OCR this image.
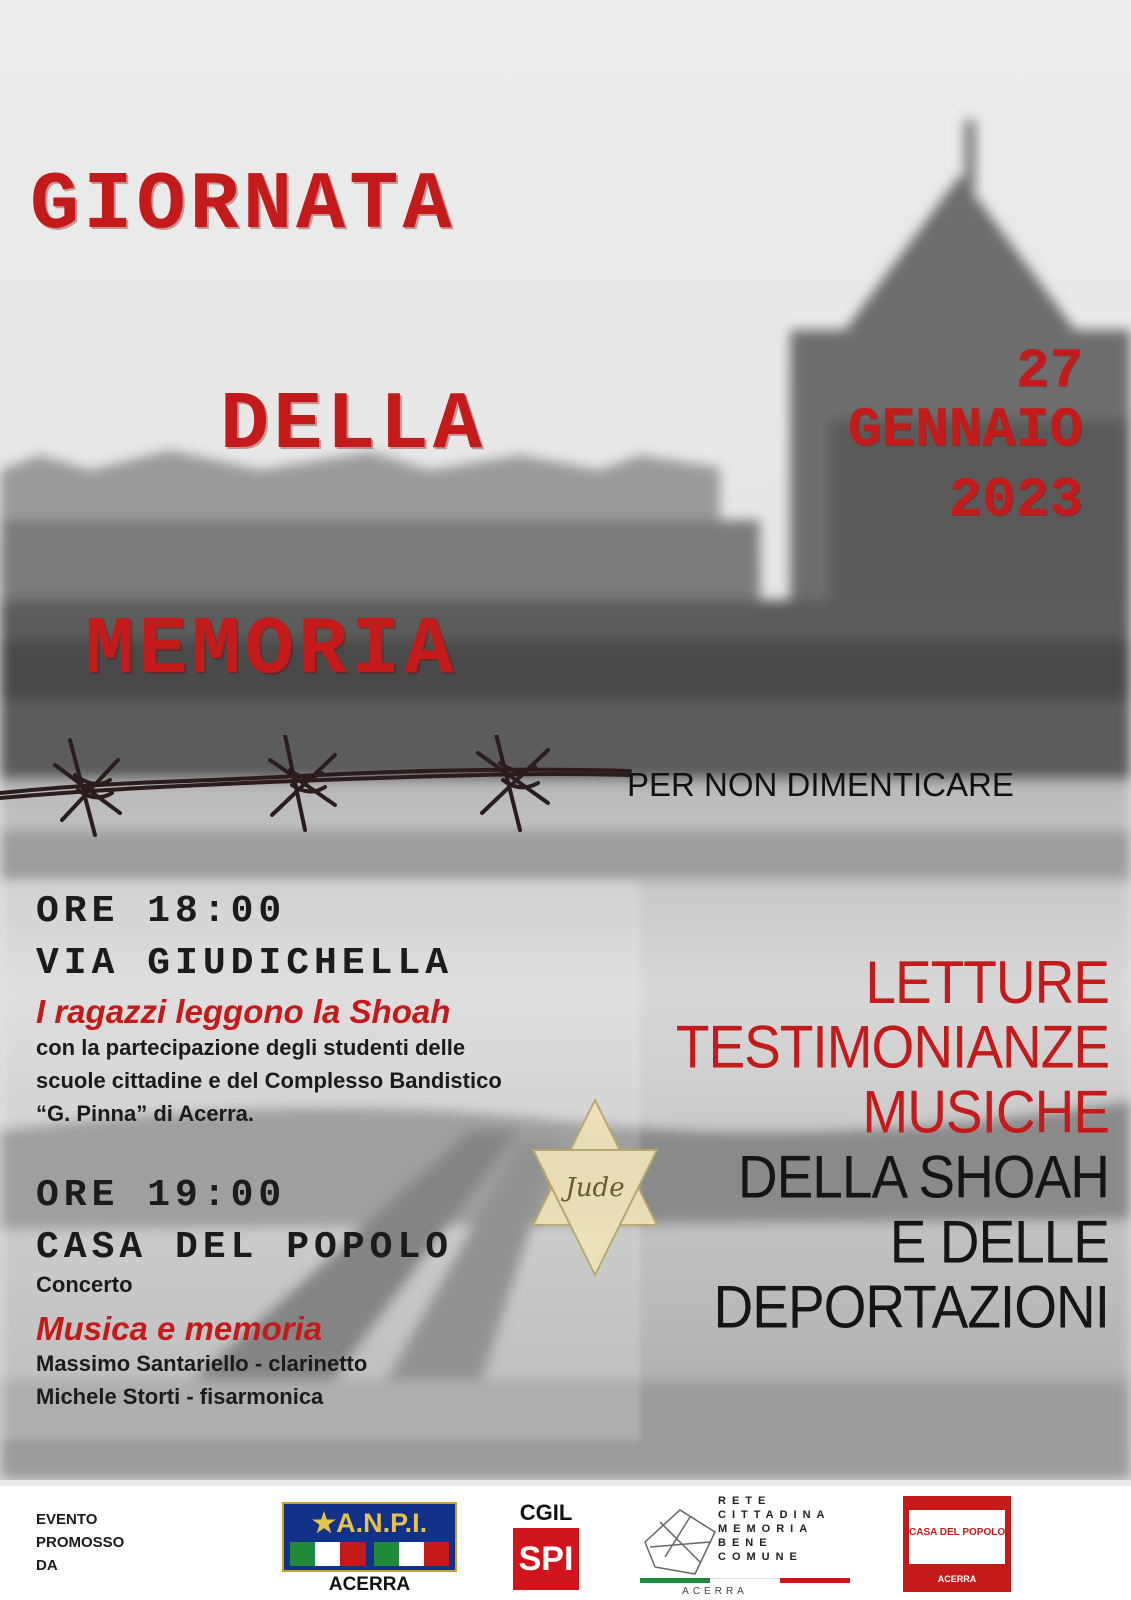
GIORNATA
DELLA
MEMORIA
27
GENNAIO
2023
PER NON DIMENTICARE
ORE 18:00
VIA GIUDICHELLA
I ragazzi leggono la Shoah
con la partecipazione degli studenti delle
scuole cittadine e del Complesso Bandistico
“G. Pinna” di Acerra.
ORE 19:00
CASA DEL POPOLO
Concerto
Musica e memoria
Massimo Santariello - clarinetto
Michele Storti - fisarmonica
Jude
LETTURE
TESTIMONIANZE
MUSICHE
DELLA SHOAH
E DELLE
DEPORTAZIONI
EVENTO
PROMOSSO
DA
★A.N.P.I.
ACERRA
CGIL
SPI
RETE
CITTADINA
MEMORIA
BENE
COMUNE
ACERRA
CASA DEL POPOLO
ACERRA
